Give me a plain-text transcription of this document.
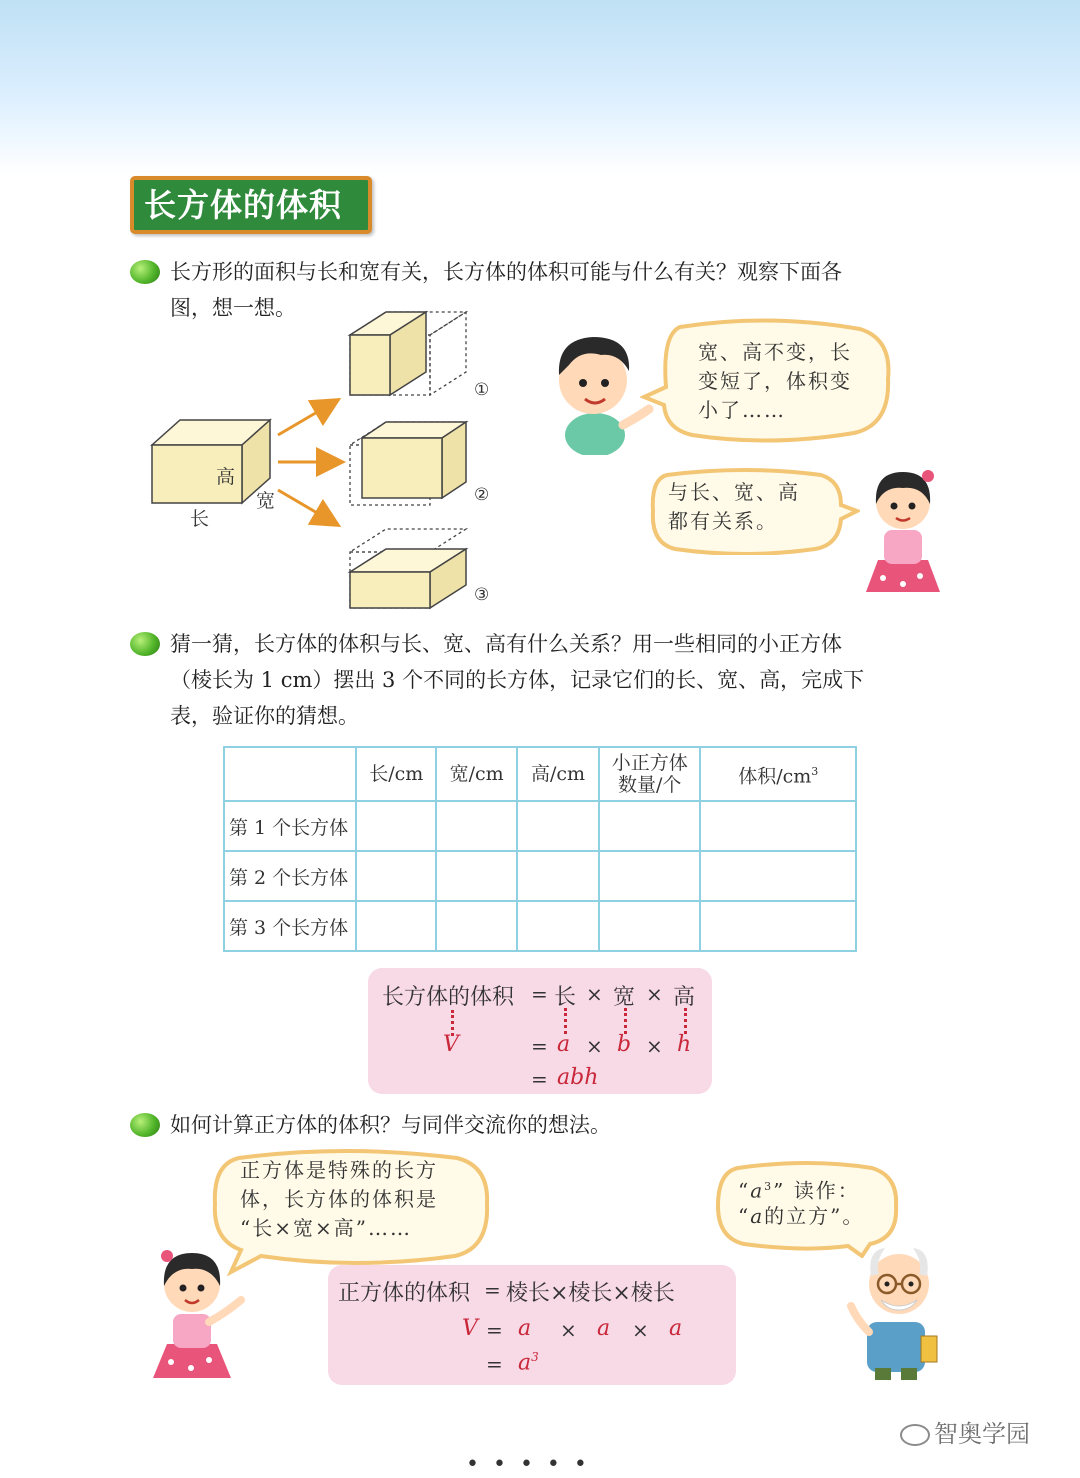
长方体的体积
长方形的面积与长和宽有关，长方体的体积可能与什么有关？观察下面各
图，想一想。
高
宽
长
①
②
③
宽、高不变，长
变短了，体积变
小了……
与长、宽、高
都有关系。
猜一猜，长方体的体积与长、宽、高有什么关系？用一些相同的小正方体
（棱长为 1 cm）摆出 3 个不同的长方体，记录它们的长、宽、高，完成下
表，验证你的猜想。
	长/cm	宽/cm	高/cm	小正方体
数量/个	体积$/cm^3$
第 1 个长方体					
第 2 个长方体					
第 3 个长方体					
长方体的体积 = 长 × 宽 × 高
V	= a × b × h
= abh
如何计算正方体的体积？与同伴交流你的想法。
正方体是特殊的长方
体，长方体的体积是
“长×宽×高”……
“$a^3$” 读作：
“a的立方”。
正方体的体积 = 棱长×棱长×棱长
V = a × a × a
= $a^3$
•••••
智奥学园
